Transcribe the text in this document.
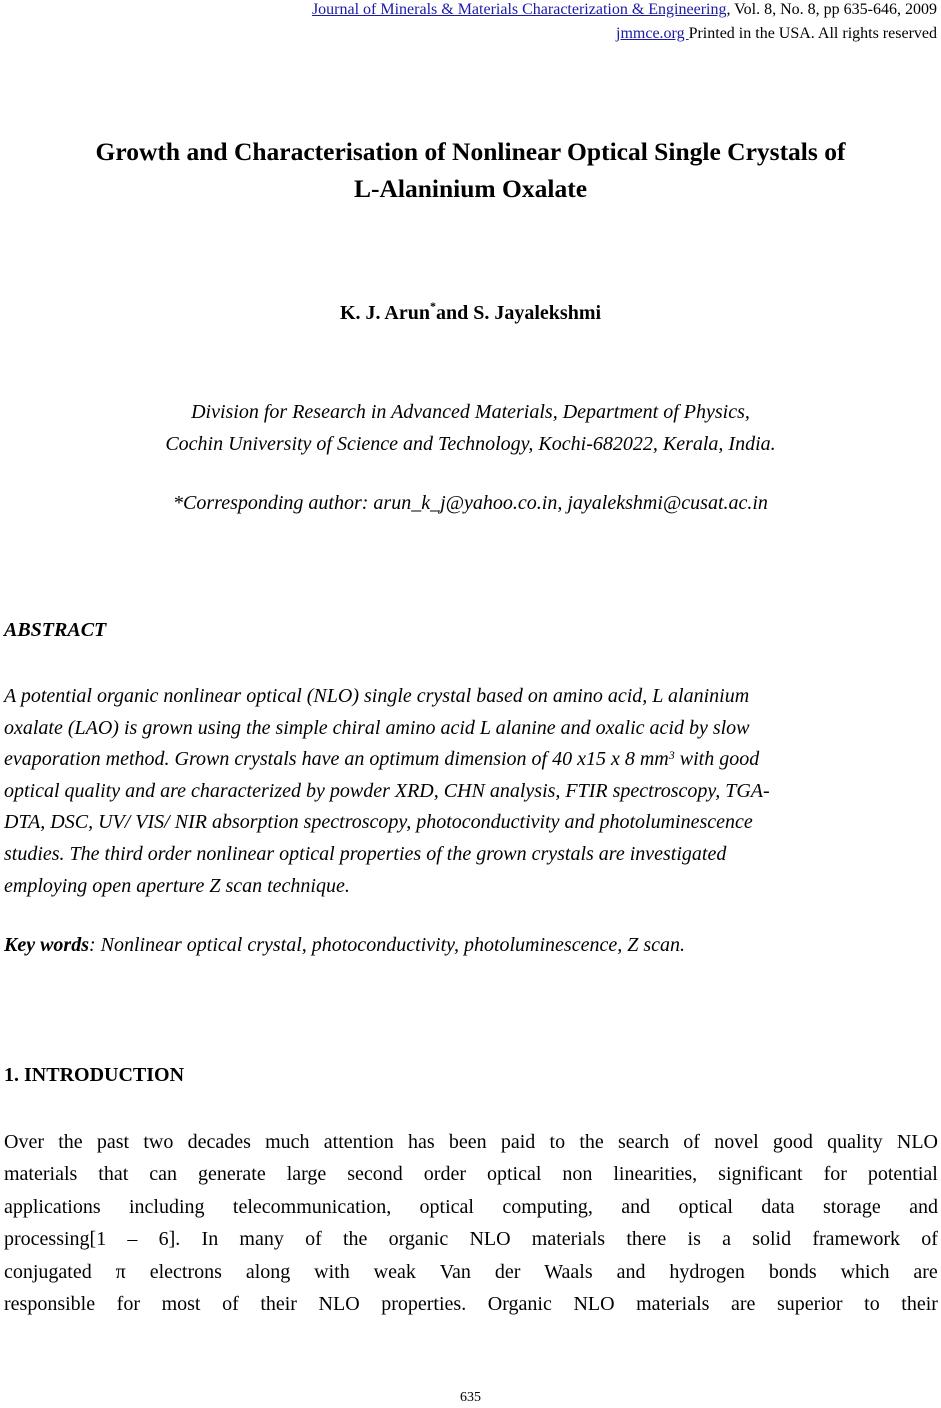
Journal of Minerals & Materials Characterization & Engineering, Vol. 8, No. 8, pp 635-646, 2009
jmmce.org Printed in the USA. All rights reserved
Growth and Characterisation of Nonlinear Optical Single Crystals of
L-Alaninium Oxalate
K. J. Arun*and S. Jayalekshmi
Division for Research in Advanced Materials, Department of Physics,
Cochin University of Science and Technology, Kochi-682022, Kerala, India.
*Corresponding author: arun_k_j@yahoo.co.in, jayalekshmi@cusat.ac.in
ABSTRACT
A potential organic nonlinear optical (NLO) single crystal based on amino acid, L alaninium
oxalate (LAO) is grown using the simple chiral amino acid L alanine and oxalic acid by slow
evaporation method. Grown crystals have an optimum dimension of 40 x15 x 8 $mm^3$ with good
optical quality and are characterized by powder XRD, CHN analysis, FTIR spectroscopy, TGA-
DTA, DSC, UV/ VIS/ NIR absorption spectroscopy, photoconductivity and photoluminescence
studies. The third order nonlinear optical properties of the grown crystals are investigated
employing open aperture Z scan technique.
Key words: Nonlinear optical crystal, photoconductivity, photoluminescence, Z scan.
1. INTRODUCTION
Over the past two decades much attention has been paid to the search of novel good quality NLO
materials that can generate large second order optical non linearities, significant for potential
applications including telecommunication, optical computing, and optical data storage and
processing[1 – 6]. In many of the organic NLO materials there is a solid framework of
conjugated π electrons along with weak Van der Waals and hydrogen bonds which are
responsible for most of their NLO properties. Organic NLO materials are superior to their
635
